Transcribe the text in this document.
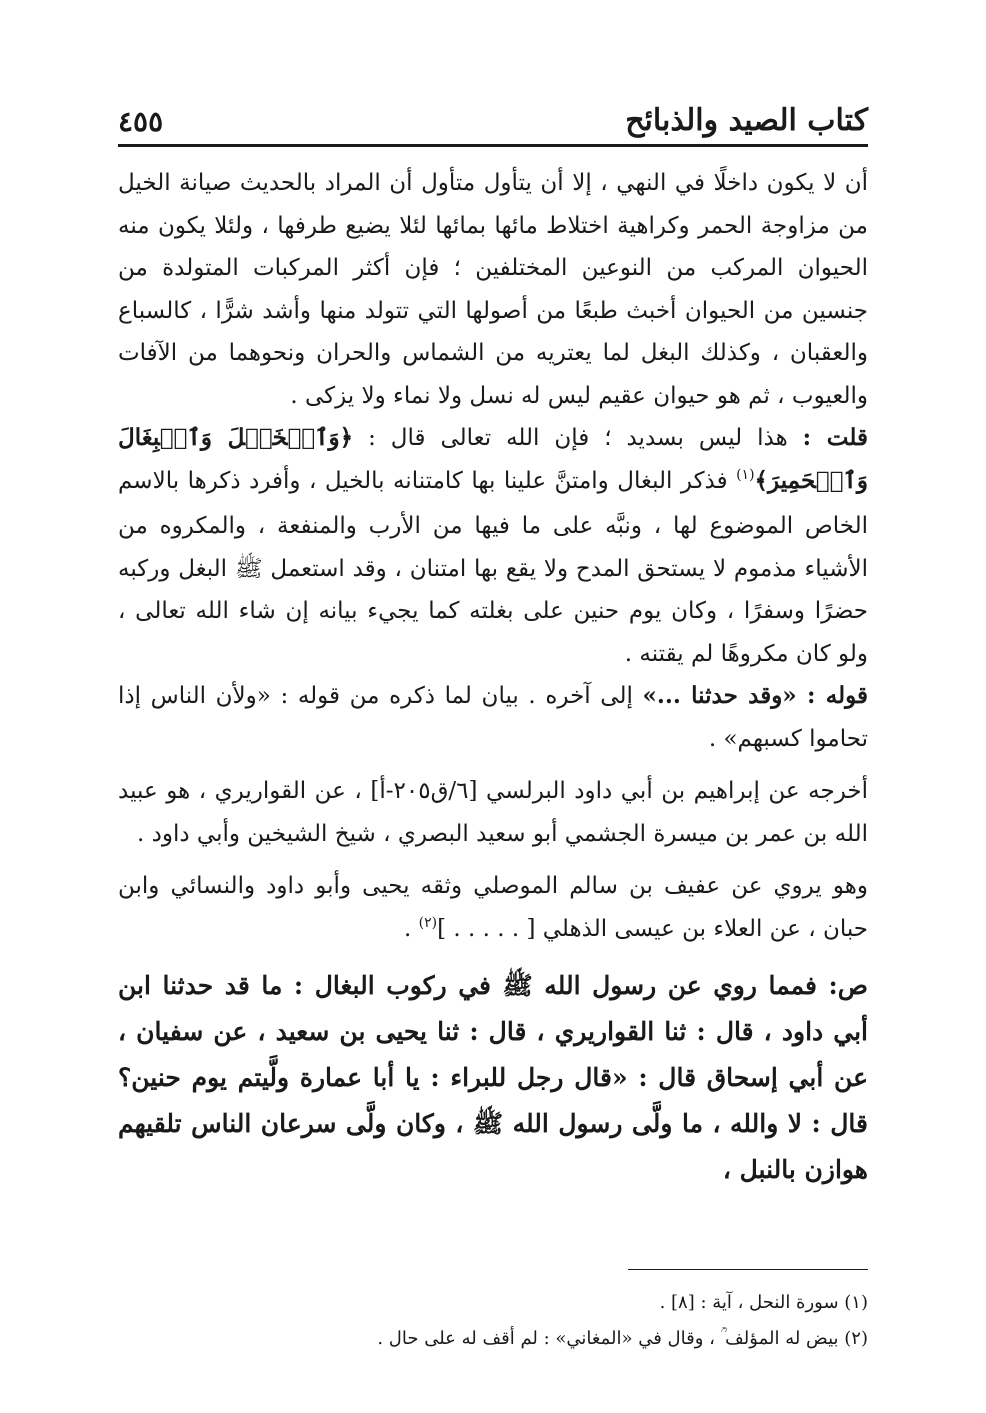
كتاب الصيد والذبائح
٤٥٥

أن لا يكون داخلًا في النهي ، إلا أن يتأول متأول أن المراد بالحديث صيانة الخيل من مزاوجة الحمر وكراهية اختلاط مائها بمائها لئلا يضيع طرفها ، ولئلا يكون منه الحيوان المركب من النوعين المختلفين ؛ فإن أكثر المركبات المتولدة من جنسين من الحيوان أخبث طبعًا من أصولها التي تتولد منها وأشد شرًّا ، كالسباع والعقبان ، وكذلك البغل لما يعتريه من الشماس والحران ونحوهما من الآفات والعيوب ، ثم هو حيوان عقيم ليس له نسل ولا نماء ولا يزكى .

قلت : هذا ليس بسديد ؛ فإن الله تعالى قال : ﴿وَٱلۡخَيۡلَ وَٱلۡبِغَالَ وَٱلۡحَمِيرَ﴾$^{(١)}$ فذكر البغال وامتنَّ علينا بها كامتنانه بالخيل ، وأفرد ذكرها بالاسم الخاص الموضوع لها ، ونبَّه على ما فيها من الأرب والمنفعة ، والمكروه من الأشياء مذموم لا يستحق المدح ولا يقع بها امتنان ، وقد استعمل ﷺ البغل وركبه حضرًا وسفرًا ، وكان يوم حنين على بغلته كما يجيء بيانه إن شاء الله تعالى ، ولو كان مكروهًا لم يقتنه .

قوله : «وقد حدثنا ...» إلى آخره . بيان لما ذكره من قوله : «ولأن الناس إذا تحاموا كسبهم» .

أخرجه عن إبراهيم بن أبي داود البرلسي [٦/ق٢٠٥-أ] ، عن القواريري ، هو عبيد الله بن عمر بن ميسرة الجشمي أبو سعيد البصري ، شيخ الشيخين وأبي داود .

وهو يروي عن عفيف بن سالم الموصلي وثقه يحيى وأبو داود والنسائي وابن حبان ، عن العلاء بن عيسى الذهلي [ . . . . . ]$^{(٢)}$ .

ص: فمما روي عن رسول الله ﷺ في ركوب البغال : ما قد حدثنا ابن أبي داود ، قال : ثنا القواريري ، قال : ثنا يحيى بن سعيد ، عن سفيان ، عن أبي إسحاق قال : «قال رجل للبراء : يا أبا عمارة ولَّيتم يوم حنين؟ قال : لا والله ، ما ولَّى رسول الله ﷺ ، وكان ولَّى سرعان الناس تلقيهم هوازن بالنبل ،

(١) سورة النحل ، آية : [٨] .

(٢) بيض له المؤلف ؒ ، وقال في «المغاني» : لم أقف له على حال .
